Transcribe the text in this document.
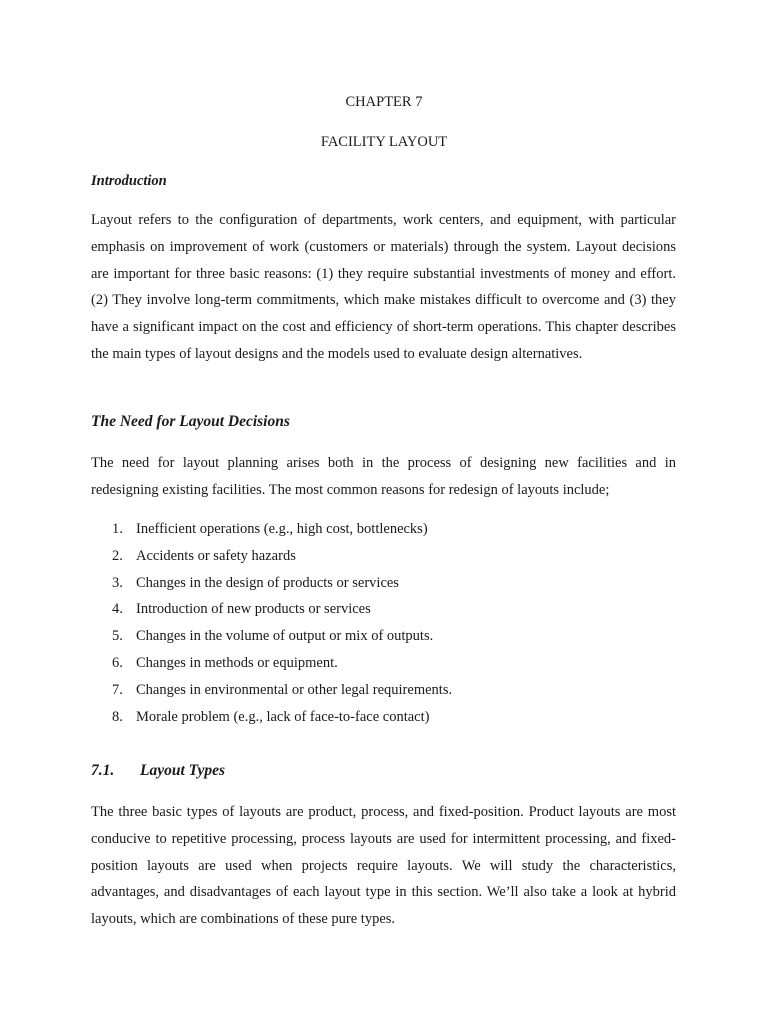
CHAPTER 7

FACILITY LAYOUT

Introduction

Layout refers to the configuration of departments, work centers, and equipment, with particular emphasis on improvement of work (customers or materials) through the system. Layout decisions are important for three basic reasons: (1) they require substantial investments of money and effort. (2) They involve long-term commitments, which make mistakes difficult to overcome and (3) they have a significant impact on the cost and efficiency of short-term operations. This chapter describes the main types of layout designs and the models used to evaluate design alternatives.

The Need for Layout Decisions

The need for layout planning arises both in the process of designing new facilities and in redesigning existing facilities. The most common reasons for redesign of layouts include;

1. Inefficient operations (e.g., high cost, bottlenecks)
2. Accidents or safety hazards
3. Changes in the design of products or services
4. Introduction of new products or services
5. Changes in the volume of output or mix of outputs.
6. Changes in methods or equipment.
7. Changes in environmental or other legal requirements.
8. Morale problem (e.g., lack of face-to-face contact)

7.1. Layout Types

The three basic types of layouts are product, process, and fixed-position. Product layouts are most conducive to repetitive processing, process layouts are used for intermittent processing, and fixed-position layouts are used when projects require layouts. We will study the characteristics, advantages, and disadvantages of each layout type in this section. We’ll also take a look at hybrid layouts, which are combinations of these pure types.
